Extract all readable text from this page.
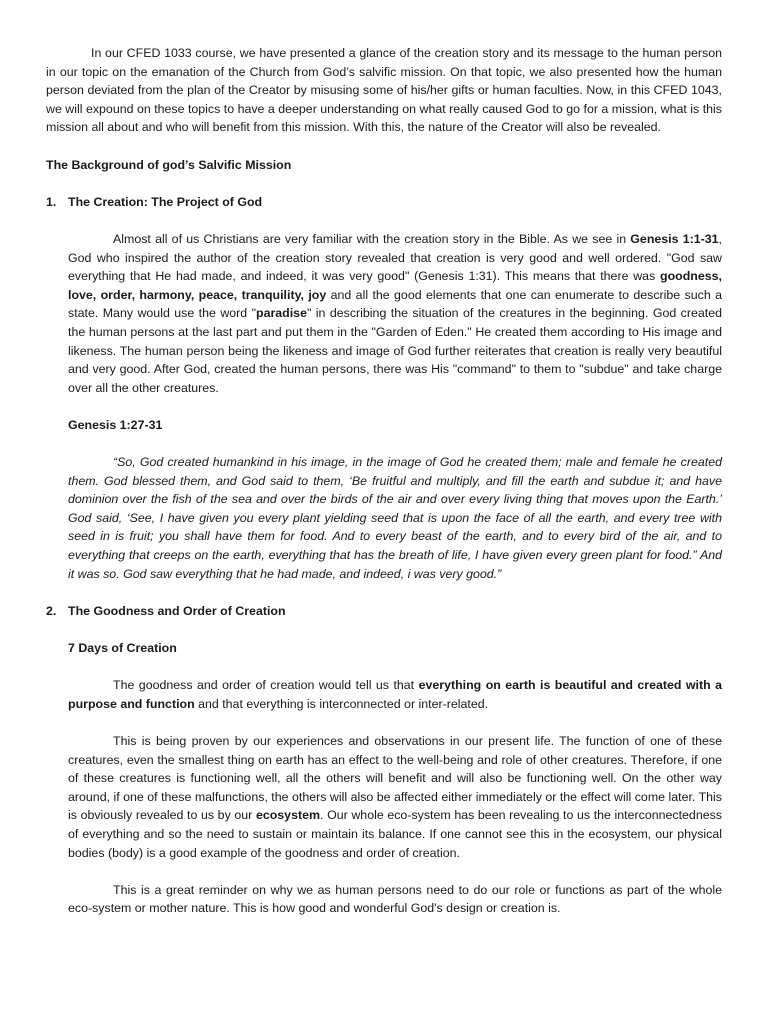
In our CFED 1033 course, we have presented a glance of the creation story and its message to the human person in our topic on the emanation of the Church from God’s salvific mission. On that topic, we also presented how the human person deviated from the plan of the Creator by misusing some of his/her gifts or human faculties. Now, in this CFED 1043, we will expound on these topics to have a deeper understanding on what really caused God to go for a mission, what is this mission all about and who will benefit from this mission. With this, the nature of the Creator will also be revealed.

The Background of god’s Salvific Mission

1. The Creation: The Project of God

Almost all of us Christians are very familiar with the creation story in the Bible. As we see in Genesis 1:1-31, God who inspired the author of the creation story revealed that creation is very good and well ordered. "God saw everything that He had made, and indeed, it was very good" (Genesis 1:31). This means that there was goodness, love, order, harmony, peace, tranquility, joy and all the good elements that one can enumerate to describe such a state. Many would use the word "paradise" in describing the situation of the creatures in the beginning. God created the human persons at the last part and put them in the "Garden of Eden." He created them according to His image and likeness. The human person being the likeness and image of God further reiterates that creation is really very beautiful and very good. After God, created the human persons, there was His "command" to them to "subdue" and take charge over all the other creatures.

Genesis 1:27-31

“So, God created humankind in his image, in the image of God he created them; male and female he created them. God blessed them, and God said to them, ‘Be fruitful and multiply, and fill the earth and subdue it; and have dominion over the fish of the sea and over the birds of the air and over every living thing that moves upon the Earth.’ God said, ‘See, I have given you every plant yielding seed that is upon the face of all the earth, and every tree with seed in is fruit; you shall have them for food. And to every beast of the earth, and to every bird of the air, and to everything that creeps on the earth, everything that has the breath of life, I have given every green plant for food.” And it was so. God saw everything that he had made, and indeed, i was very good.”

2. The Goodness and Order of Creation

7 Days of Creation

The goodness and order of creation would tell us that everything on earth is beautiful and created with a purpose and function and that everything is interconnected or inter-related.

This is being proven by our experiences and observations in our present life. The function of one of these creatures, even the smallest thing on earth has an effect to the well-being and role of other creatures. Therefore, if one of these creatures is functioning well, all the others will benefit and will also be functioning well. On the other way around, if one of these malfunctions, the others will also be affected either immediately or the effect will come later. This is obviously revealed to us by our ecosystem. Our whole eco-system has been revealing to us the interconnectedness of everything and so the need to sustain or maintain its balance. If one cannot see this in the ecosystem, our physical bodies (body) is a good example of the goodness and order of creation.

This is a great reminder on why we as human persons need to do our role or functions as part of the whole eco-system or mother nature. This is how good and wonderful God's design or creation is.
